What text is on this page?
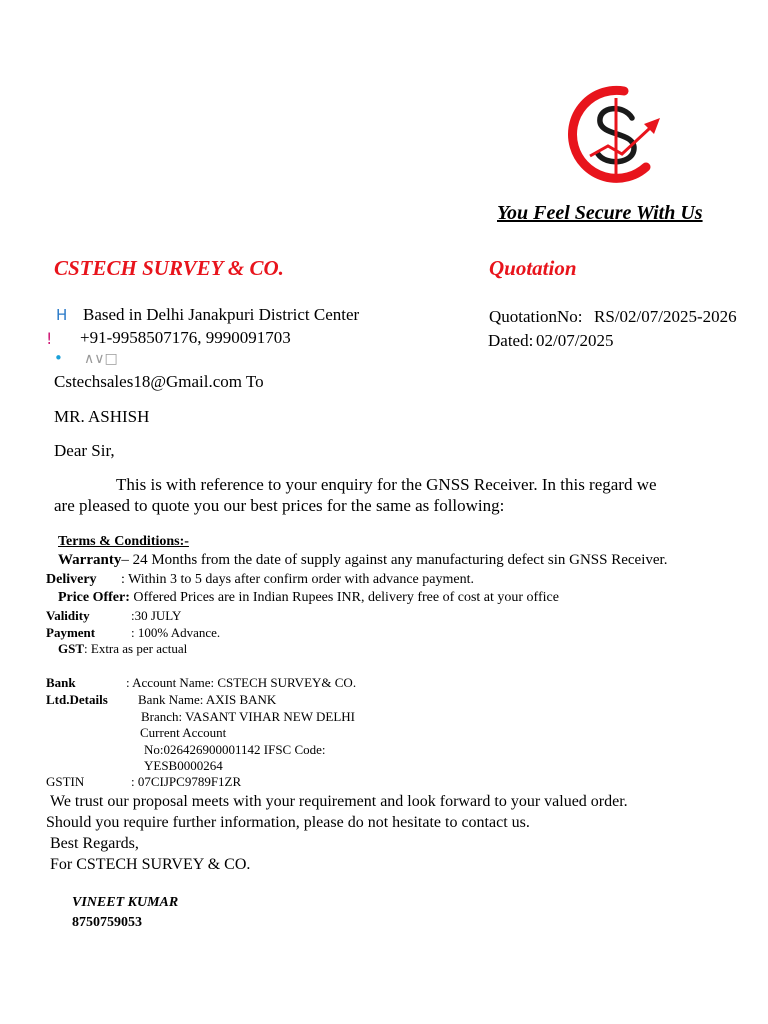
You Feel Secure With Us
CSTECH SURVEY & CO.	Quotation
H Based in Delhi Janakpuri District Center
! +91-9958507176, 9990091703
• ∧∨□
Cstechsales18@Gmail.com To
QuotationNo: RS/02/07/2025-2026
Dated: 02/07/2025
MR. ASHISH
Dear Sir,
This is with reference to your enquiry for the GNSS Receiver. In this regard we
are pleased to quote you our best prices for the same as following:
Terms & Conditions:-
Warranty– 24 Months from the date of supply against any manufacturing defect sin GNSS Receiver.
Delivery : Within 3 to 5 days after confirm order with advance payment.
Price Offer: Offered Prices are in Indian Rupees INR, delivery free of cost at your office
Validity	:30 JULY
Payment	: 100% Advance.
GST: Extra as per actual
Bank	: Account Name: CSTECH SURVEY& CO.
Ltd.Details Bank Name: AXIS BANK
Branch: VASANT VIHAR NEW DELHI
Current Account
No:026426900001142 IFSC Code:
YESB0000264
GSTIN	: 07CIJPC9789F1ZR
We trust our proposal meets with your requirement and look forward to your valued order.
Should you require further information, please do not hesitate to contact us.
Best Regards,
For CSTECH SURVEY & CO.
VINEET KUMAR
8750759053
